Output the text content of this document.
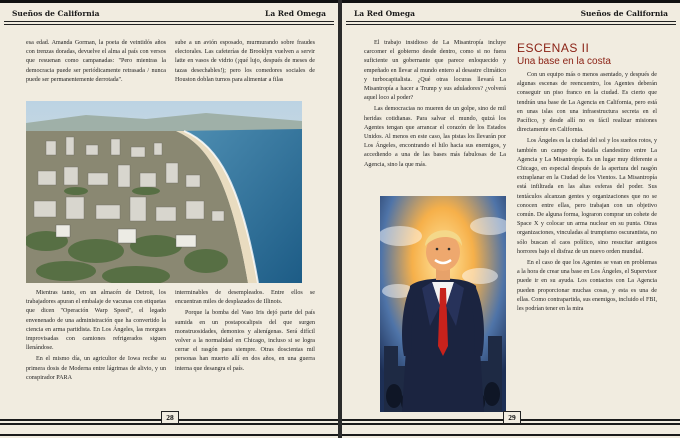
Sueños de California	La Red Omega

esa edad. Amanda Gorman, la poeta de veintidós años con trenzas doradas, devuelve el alma al país con versos que resuenan como campanadas: "Pero mientras la democracia puede ser periódicamente retrasada / nunca puede ser permanentemente derrotada".

sube a un avión esposado, murmurando sobre fraudes electorales. Las cafeterías de Brooklyn vuelven a servir latte en vasos de vidrio (¡qué lujo, después de meses de tazas desechables!); pero los comedores sociales de Houston doblan turnos para alimentar a filas

Mientras tanto, en un almacén de Detroit, los trabajadores apuran el embalaje de vacunas con etiquetas que dicen "Operación Warp Speed", el legado envenenado de una administración que ha convertido la ciencia en arma partidista. En Los Ángeles, las morgues improvisadas con camiones refrigerados siguen llenándose.

En el mismo día, un agricultor de Iowa recibe su primera dosis de Moderna entre lágrimas de alivio, y un conspirador PARA

interminables de desempleados. Entre ellos se encuentran miles de desplazados de Illinois.

Porque la bomba del Vaso Iris dejó parte del país sumida en un postapocalipsis del que surgen monstruosidades, demonios y alienígenas. Será difícil volver a la normalidad en Chicago, incluso si se logra cerrar el rasgón para siempre. Otras doscientas mil personas han muerto allí en dos años, en una guerra interna que desangra el país.

28
La Red Omega	Sueños de California

El trabajo insidioso de La Misantropía incluye carcomer el gobierno desde dentro, como si no fuera suficiente un gobernante que parece enloquecido y empeñado en llevar al mundo entero al desastre climático y turbocapitalista. ¿Qué otras locuras llevará La Misantropía a hacer a Trump y sus aduladores? ¿volverá aquel loco al poder?

Las democracias no mueren de un golpe, sino de mil heridas cotidianas. Para salvar el mundo, quizá los Agentes tengan que arrancar el corazón de los Estados Unidos. Al menos en este caso, las pistas los llevarán por Los Ángeles, encontrando el hilo hacia sus enemigos, y accediendo a una de las bases más fabulosas de La Agencia, sino la que más.

ESCENAS II
Una base en la costa

Con un equipo más o menos asentado, y después de algunas escenas de reencuentro, los Agentes deberán conseguir un piso franco en la ciudad. Es cierto que tendrán una base de La Agencia en California, pero está en unas islas con una infraestructura secreta en el Pacífico, y desde allí no es fácil realizar misiones directamente en California.

Los Ángeles es la ciudad del sol y los sueños rotos, y también un campo de batalla clandestino entre La Agencia y La Misantropía. Es un lugar muy diferente a Chicago, en especial después de la apertura del rasgón extraplanar en la Ciudad de los Vientos. La Misantropía está infiltrada en las altas esferas del poder. Sus tentáculos alcanzan gentes y organizaciones que no se conocen entre ellas, pero trabajan con un objetivo común. De alguna forma, lograron comprar un cohete de Space X y colocar un arma nuclear en su punta. Otras organizaciones, vinculadas al trumpismo oscurantista, no sólo buscan el caos político, sino resucitar antiguos horrores bajo el disfraz de un nuevo orden mundial.

En el caso de que los Agentes se vean en problemas a la hora de crear una base en Los Ángeles, el Supervisor puede ir en su ayuda. Los contactos con La Agencia pueden proporcionar muchas cosas, y esta es una de ellas. Como contrapartida, sus enemigos, incluido el FBI, les podrían tener en la mira

29
